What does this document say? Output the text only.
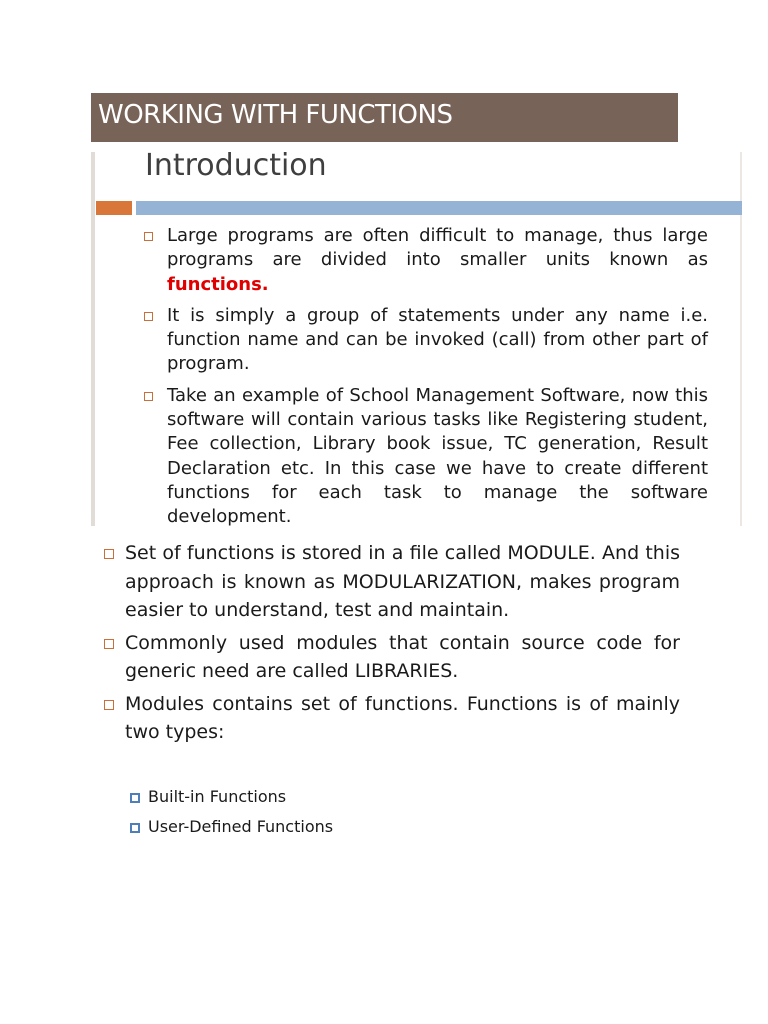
WORKING WITH FUNCTIONS
Introduction
Large programs are often difficult to manage, thus large programs are divided into smaller units known as functions.
It is simply a group of statements under any name i.e. function name and can be invoked (call) from other part of program.
Take an example of School Management Software, now this software will contain various tasks like Registering student, Fee collection, Library book issue, TC generation, Result Declaration etc. In this case we have to create different functions for each task to manage the software development.
Set of functions is stored in a file called MODULE. And this approach is known as MODULARIZATION, makes program easier to understand, test and maintain.
Commonly used modules that contain source code for generic need are called LIBRARIES.
Modules contains set of functions. Functions is of mainly two types:
Built-in Functions
User-Defined Functions
